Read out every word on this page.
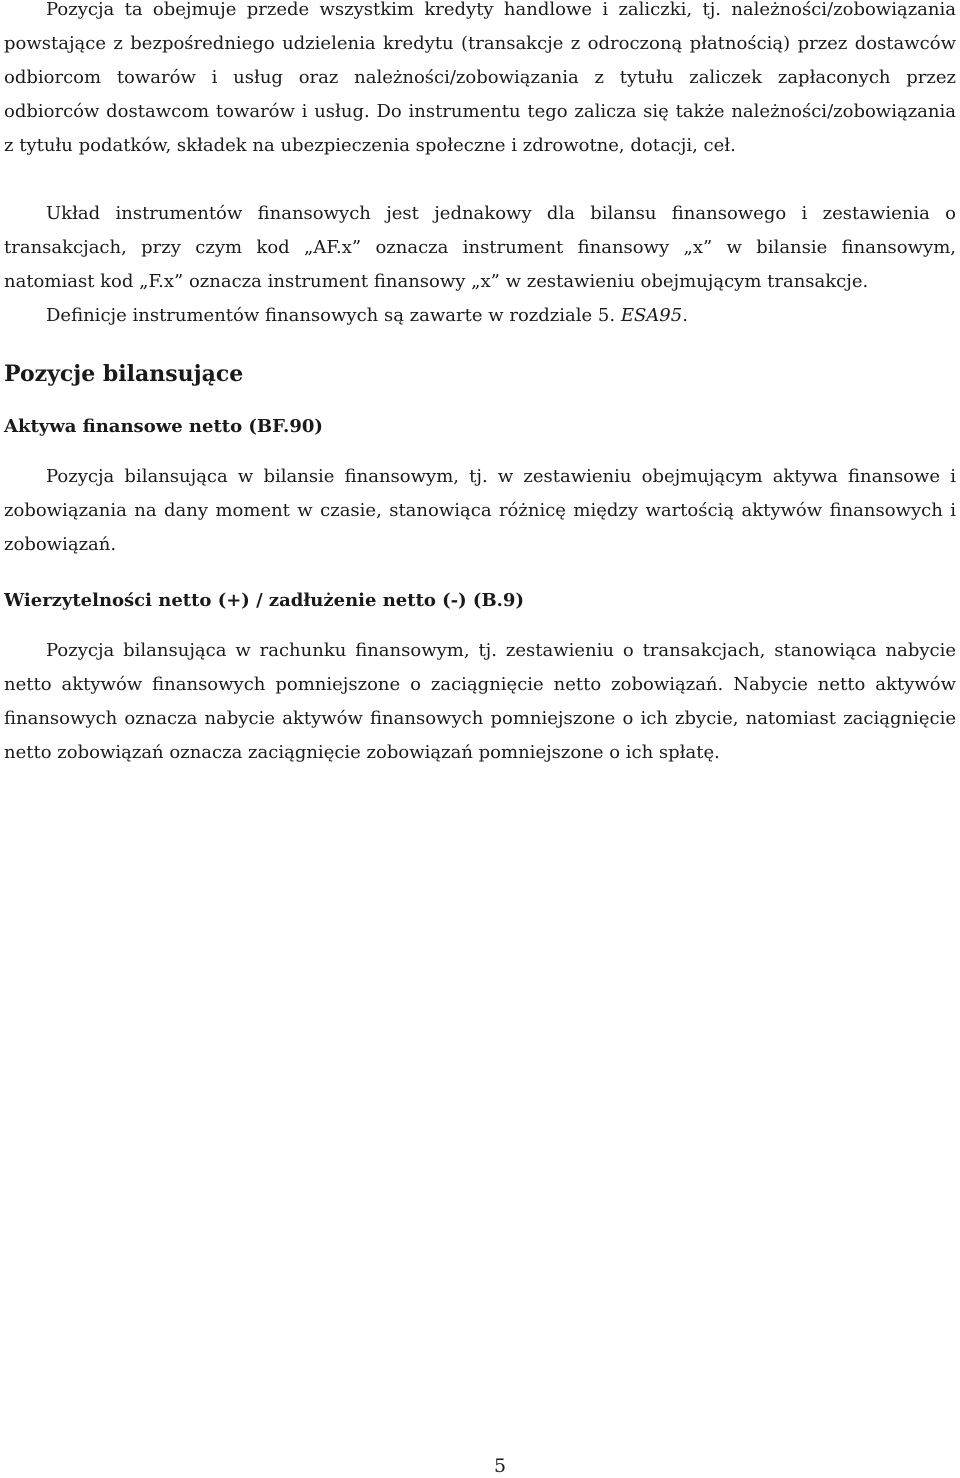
Pozycja ta obejmuje przede wszystkim kredyty handlowe i zaliczki, tj. należności/zobowiązania powstające z bezpośredniego udzielenia kredytu (transakcje z odroczoną płatnością) przez dostawców odbiorcom towarów i usług oraz należności/zobowiązania z tytułu zaliczek zapłaconych przez odbiorców dostawcom towarów i usług. Do instrumentu tego zalicza się także należności/zobowiązania z tytułu podatków, składek na ubezpieczenia społeczne i zdrowotne, dotacji, ceł.

Układ instrumentów finansowych jest jednakowy dla bilansu finansowego i zestawienia o transakcjach, przy czym kod „AF.x” oznacza instrument finansowy „x” w bilansie finansowym, natomiast kod „F.x” oznacza instrument finansowy „x” w zestawieniu obejmującym transakcje.

Definicje instrumentów finansowych są zawarte w rozdziale 5. ESA95.

Pozycje bilansujące
Aktywa finansowe netto (BF.90)

Pozycja bilansująca w bilansie finansowym, tj. w zestawieniu obejmującym aktywa finansowe i zobowiązania na dany moment w czasie, stanowiąca różnicę między wartością aktywów finansowych i zobowiązań.

Wierzytelności netto (+) / zadłużenie netto (-) (B.9)

Pozycja bilansująca w rachunku finansowym, tj. zestawieniu o transakcjach, stanowiąca nabycie netto aktywów finansowych pomniejszone o zaciągnięcie netto zobowiązań. Nabycie netto aktywów finansowych oznacza nabycie aktywów finansowych pomniejszone o ich zbycie, natomiast zaciągnięcie netto zobowiązań oznacza zaciągnięcie zobowiązań pomniejszone o ich spłatę.

5
